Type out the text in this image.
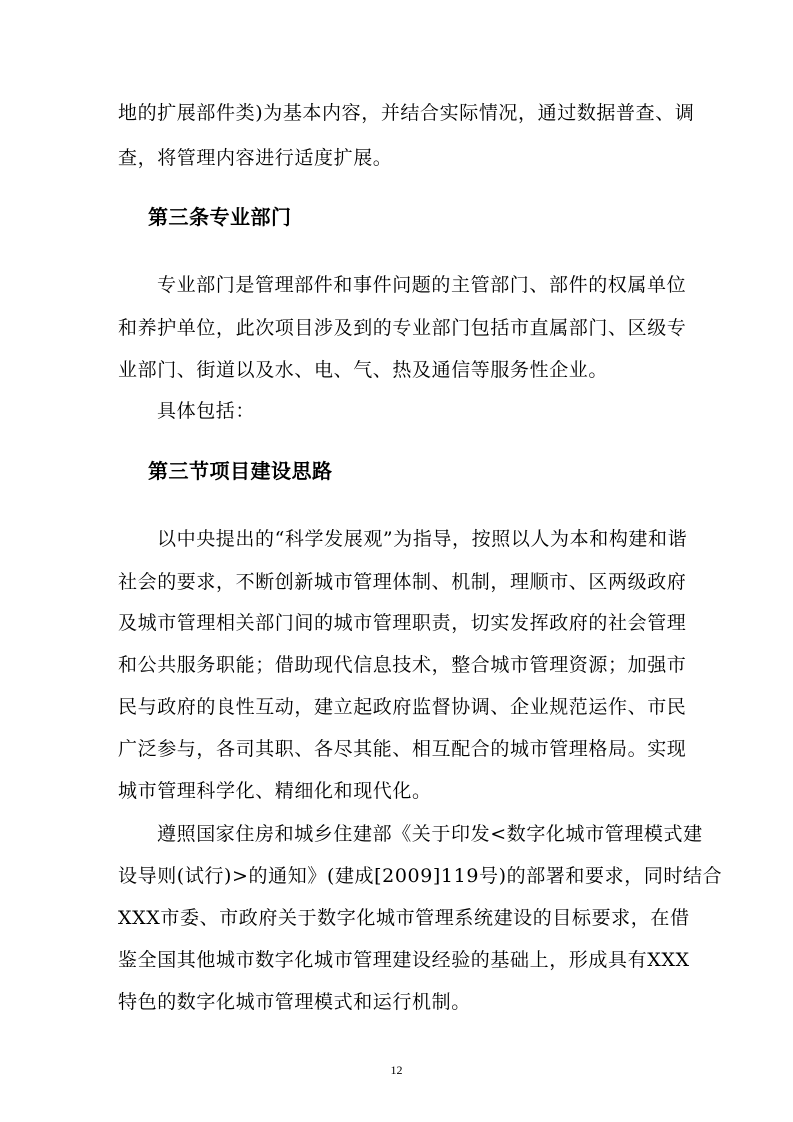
地的扩展部件类)为基本内容，并结合实际情况，通过数据普查、调
查，将管理内容进行适度扩展。
第三条专业部门
专业部门是管理部件和事件问题的主管部门、部件的权属单位
和养护单位，此次项目涉及到的专业部门包括市直属部门、区级专
业部门、街道以及水、电、气、热及通信等服务性企业。
具体包括：
第三节项目建设思路
以中央提出的“科学发展观”为指导，按照以人为本和构建和谐
社会的要求，不断创新城市管理体制、机制，理顺市、区两级政府
及城市管理相关部门间的城市管理职责，切实发挥政府的社会管理
和公共服务职能；借助现代信息技术，整合城市管理资源；加强市
民与政府的良性互动，建立起政府监督协调、企业规范运作、市民
广泛参与，各司其职、各尽其能、相互配合的城市管理格局。实现
城市管理科学化、精细化和现代化。
遵照国家住房和城乡住建部《关于印发<数字化城市管理模式建
设导则(试行)>的通知》(建成[2009]119号)的部署和要求，同时结合
XXX市委、市政府关于数字化城市管理系统建设的目标要求，在借
鉴全国其他城市数字化城市管理建设经验的基础上，形成具有XXX
特色的数字化城市管理模式和运行机制。
12
